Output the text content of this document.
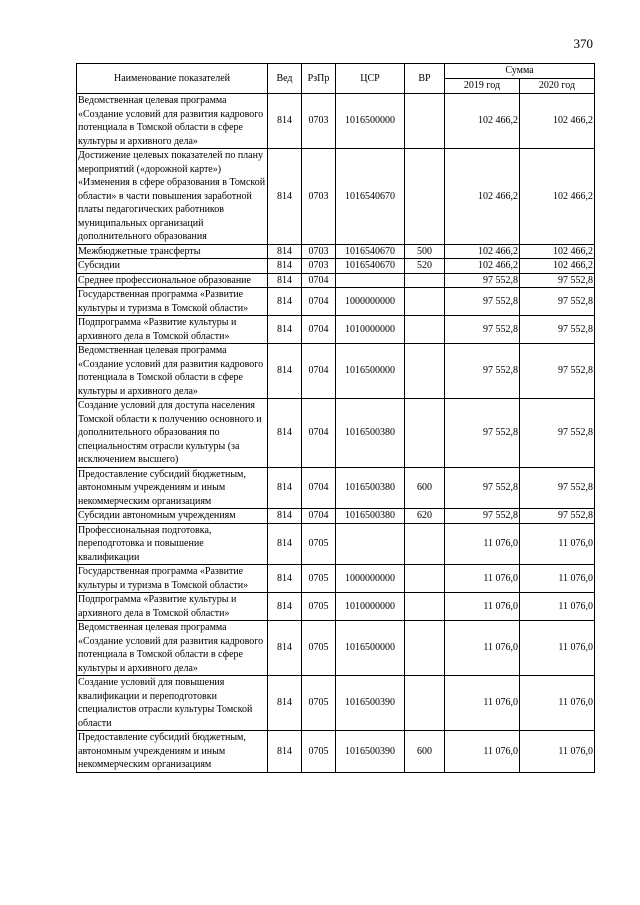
370
Наименование показателей	Вед	РзПр	ЦСР	ВР	Сумма	
					2019 год	2020 год
Ведомственная целевая программа «Создание условий для развития кадрового потенциала в Томской области в сфере культуры и архивного дела»	814	0703	1016500000		102 466,2	102 466,2
Достижение целевых показателей по плану мероприятий («дорожной карте») «Изменения в сфере образования в Томской области» в части повышения заработной платы педагогических работников муниципальных организаций дополнительного образования	814	0703	1016540670		102 466,2	102 466,2
Межбюджетные трансферты	814	0703	1016540670	500	102 466,2	102 466,2
Субсидии	814	0703	1016540670	520	102 466,2	102 466,2
Среднее профессиональное образование	814	0704			97 552,8	97 552,8
Государственная программа «Развитие культуры и туризма в Томской области»	814	0704	1000000000		97 552,8	97 552,8
Подпрограмма «Развитие культуры и архивного дела в Томской области»	814	0704	1010000000		97 552,8	97 552,8
Ведомственная целевая программа «Создание условий для развития кадрового потенциала в Томской области в сфере культуры и архивного дела»	814	0704	1016500000		97 552,8	97 552,8
Создание условий для доступа населения Томской области к получению основного и дополнительного образования по специальностям отрасли культуры (за исключением высшего)	814	0704	1016500380		97 552,8	97 552,8
Предоставление субсидий бюджетным, автономным учреждениям и иным некоммерческим организациям	814	0704	1016500380	600	97 552,8	97 552,8
Субсидии автономным учреждениям	814	0704	1016500380	620	97 552,8	97 552,8
Профессиональная подготовка, переподготовка и повышение квалификации	814	0705			11 076,0	11 076,0
Государственная программа «Развитие культуры и туризма в Томской области»	814	0705	1000000000		11 076,0	11 076,0
Подпрограмма «Развитие культуры и архивного дела в Томской области»	814	0705	1010000000		11 076,0	11 076,0
Ведомственная целевая программа «Создание условий для развития кадрового потенциала в Томской области в сфере культуры и архивного дела»	814	0705	1016500000		11 076,0	11 076,0
Создание условий для повышения квалификации и переподготовки специалистов отрасли культуры Томской области	814	0705	1016500390		11 076,0	11 076,0
Предоставление субсидий бюджетным, автономным учреждениям и иным некоммерческим организациям	814	0705	1016500390	600	11 076,0	11 076,0
